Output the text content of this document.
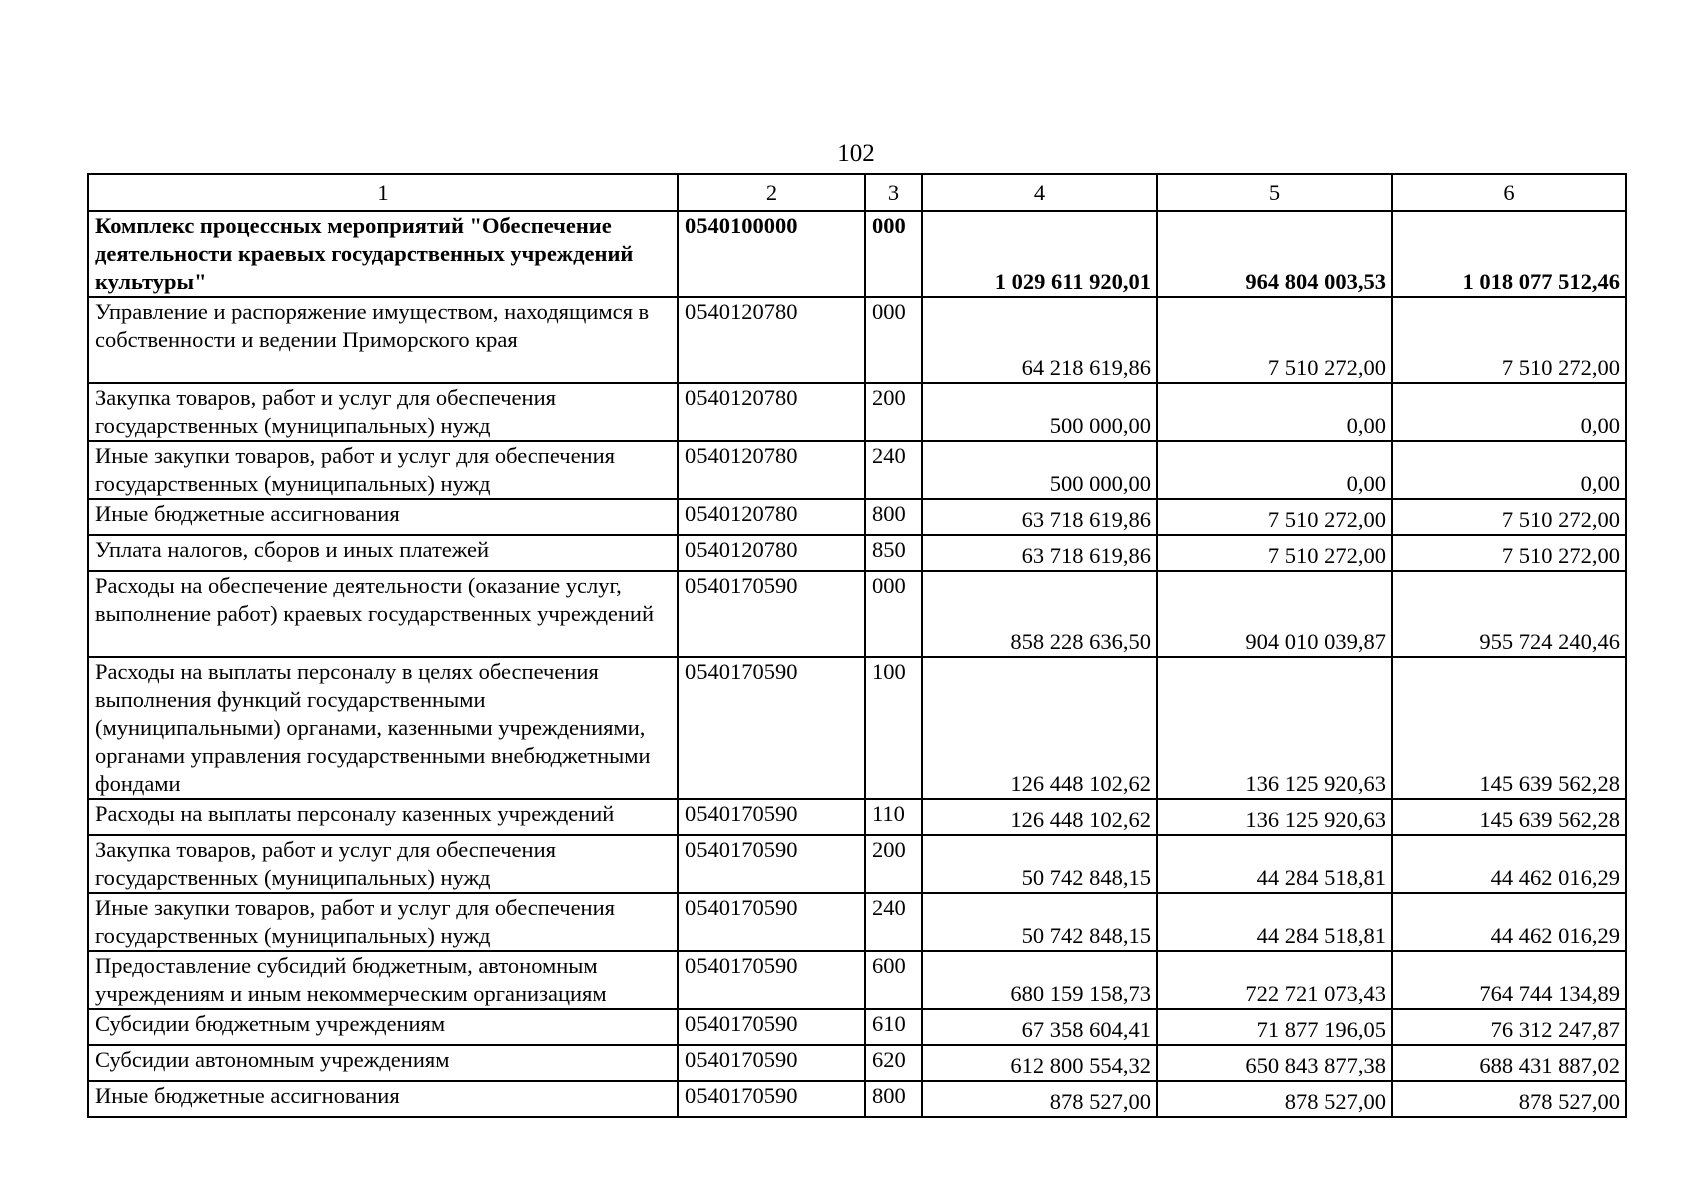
102
1	2	3	4	5	6
Комплекс процессных мероприятий "Обеспечение деятельности краевых государственных учреждений культуры"	0540100000	000	1 029 611 920,01	964 804 003,53	1 018 077 512,46
Управление и распоряжение имуществом, находящимся в собственности и ведении Приморского края	0540120780	000	64 218 619,86	7 510 272,00	7 510 272,00
Закупка товаров, работ и услуг для обеспечения государственных (муниципальных) нужд	0540120780	200	500 000,00	0,00	0,00
Иные закупки товаров, работ и услуг для обеспечения государственных (муниципальных) нужд	0540120780	240	500 000,00	0,00	0,00
Иные бюджетные ассигнования	0540120780	800	63 718 619,86	7 510 272,00	7 510 272,00
Уплата налогов, сборов и иных платежей	0540120780	850	63 718 619,86	7 510 272,00	7 510 272,00
Расходы на обеспечение деятельности (оказание услуг, выполнение работ) краевых государственных учреждений	0540170590	000	858 228 636,50	904 010 039,87	955 724 240,46
Расходы на выплаты персоналу в целях обеспечения выполнения функций государственными (муниципальными) органами, казенными учреждениями, органами управления государственными внебюджетными фондами	0540170590	100	126 448 102,62	136 125 920,63	145 639 562,28
Расходы на выплаты персоналу казенных учреждений	0540170590	110	126 448 102,62	136 125 920,63	145 639 562,28
Закупка товаров, работ и услуг для обеспечения государственных (муниципальных) нужд	0540170590	200	50 742 848,15	44 284 518,81	44 462 016,29
Иные закупки товаров, работ и услуг для обеспечения государственных (муниципальных) нужд	0540170590	240	50 742 848,15	44 284 518,81	44 462 016,29
Предоставление субсидий бюджетным, автономным учреждениям и иным некоммерческим организациям	0540170590	600	680 159 158,73	722 721 073,43	764 744 134,89
Субсидии бюджетным учреждениям	0540170590	610	67 358 604,41	71 877 196,05	76 312 247,87
Субсидии автономным учреждениям	0540170590	620	612 800 554,32	650 843 877,38	688 431 887,02
Иные бюджетные ассигнования	0540170590	800	878 527,00	878 527,00	878 527,00
